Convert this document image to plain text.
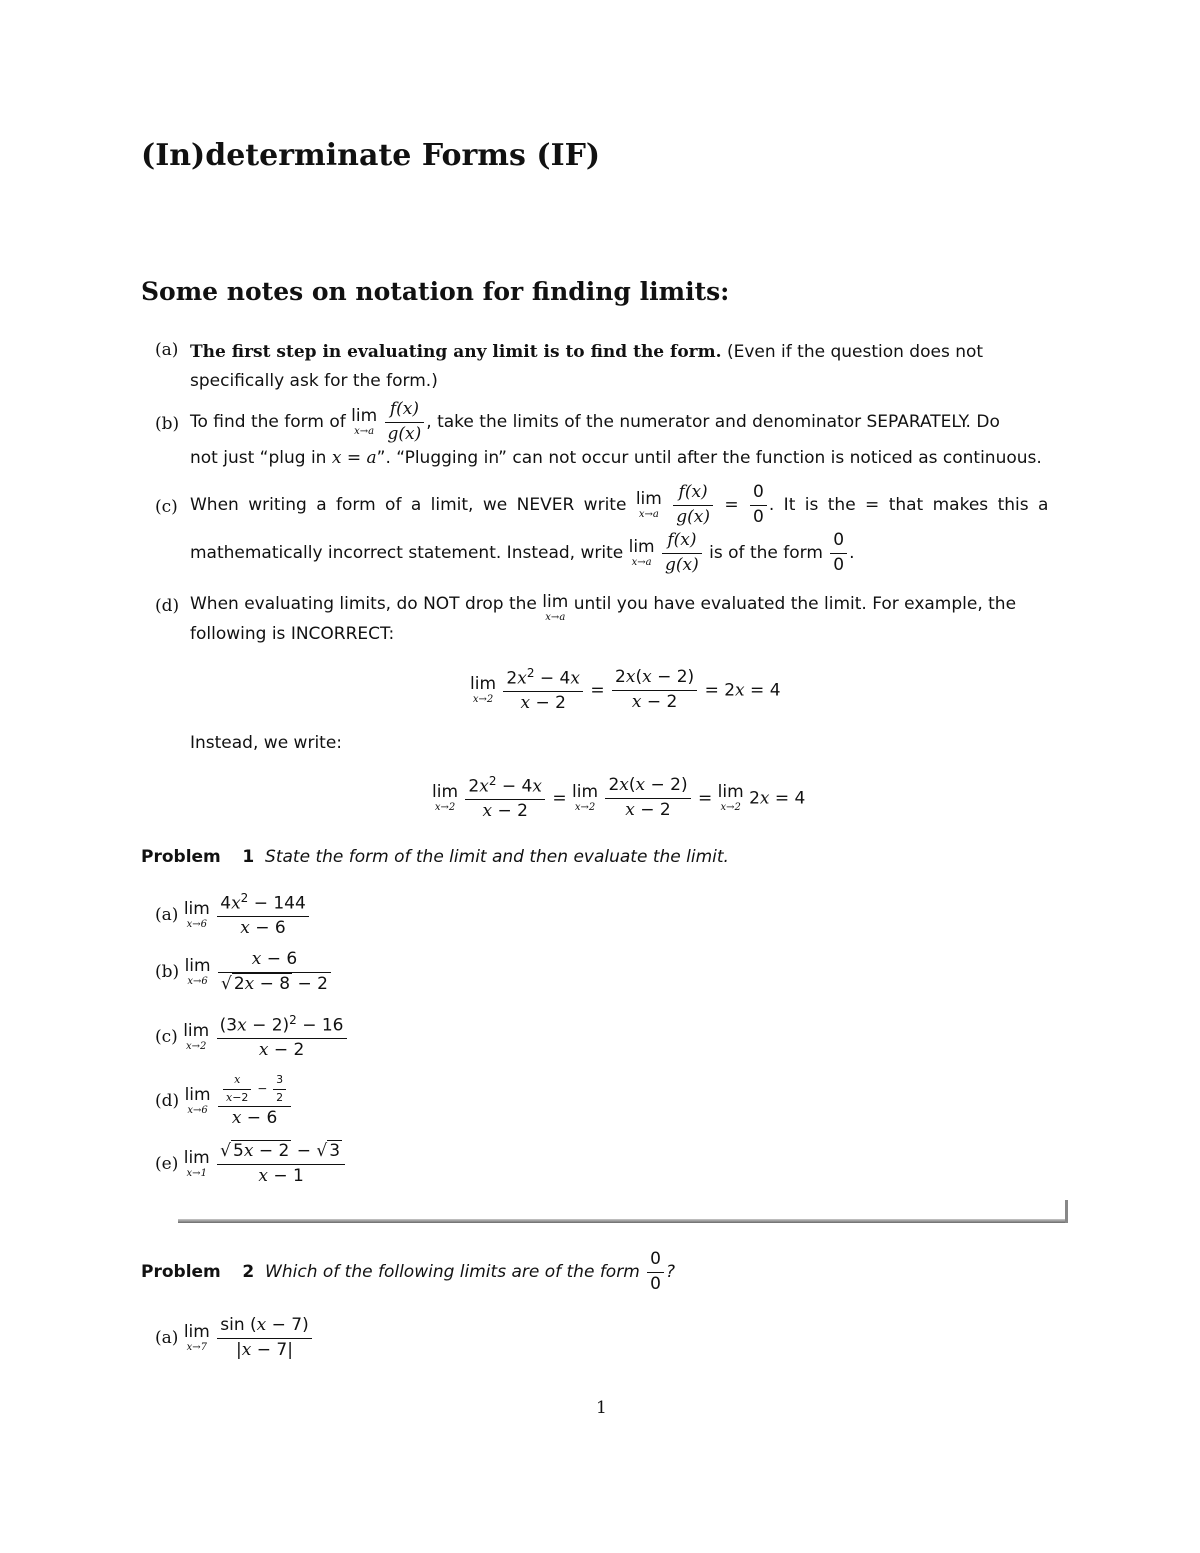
(In)determinate Forms (IF)
Some notes on notation for finding limits:
(a) The first step in evaluating any limit is to find the form. (Even if the question does not
specifically ask for the form.)
(b) To find the form of lim
x→a
$\frac{f(x)}{g(x)}$ , take the limits of the numerator and denominator SEPARATELY. Do
not just “plug in x = a”. “Plugging in” can not occur until after the function is noticed as continuous.
(c) When writing a form of a limit, we NEVER write lim
x→a
$\frac{f(x)}{g(x)} = \frac{0}{0}$ . It is the = that makes this a
mathematically incorrect statement. Instead, write lim
x→a
$\frac{f(x)}{g(x)}$ is of the form $\frac{0}{0}$ .
(d) When evaluating limits, do NOT drop the lim
x→a
until you have evaluated the limit. For example, the
following is INCORRECT:
lim
x→2
$\frac{2x^2 - 4x}{x - 2} = \frac{2x(x - 2)}{x - 2} = 2x = 4$
Instead, we write:
lim
x→2
$\frac{2x^2 - 4x}{x - 2} = \lim$
x→2
$\frac{2x(x - 2)}{x - 2} = \lim$
x→2 2x = 4
Problem 1 State the form of the limit and then evaluate the limit.
(a) lim
x→6
$\frac{4x^2 - 144}{x - 6}$
(b) lim
x→6
$\frac{x - 6}{√ 2x - 8 - 2}$
(c) lim
x→2
$\frac{(3x - 2)^2 - 16}{x - 2}$
(d) lim
x→6

$\frac{x}{x-2} - \frac{3}{2}$
x − 6
(e) lim
x→1
$\frac{√ 5x - 2 - √ 3}{x - 1}$
Problem 2 Which of the following limits are of the form $\frac{0}{0}$ ?
(a) lim
x→7
$\frac{\sin (x - 7)}{|x - 7|}$
1
